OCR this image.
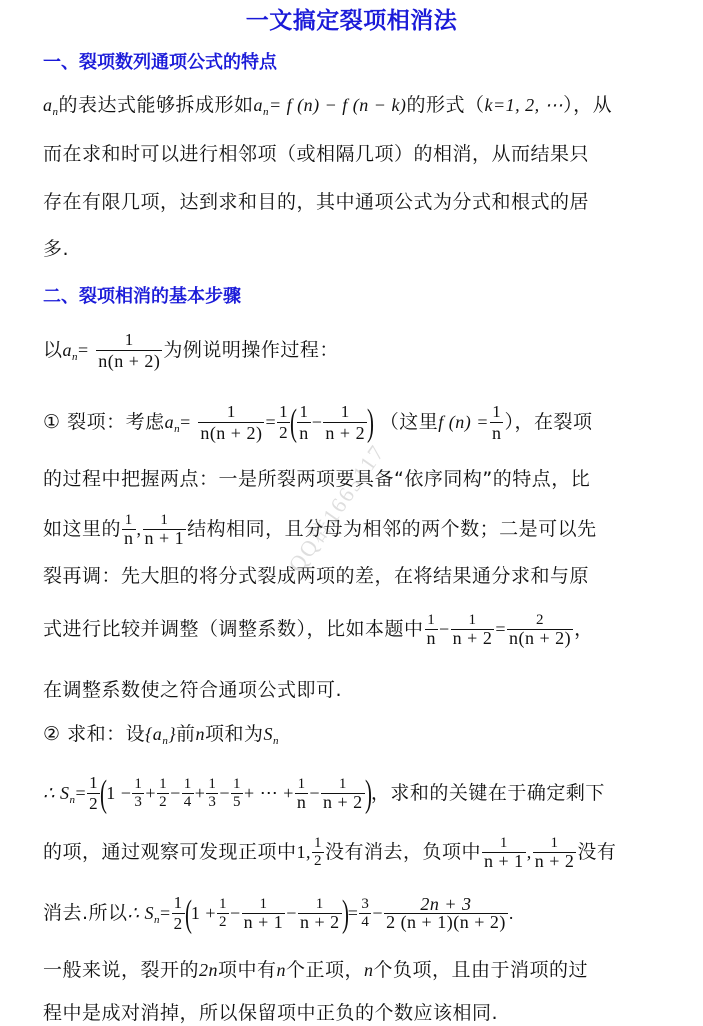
QQ群1665117
一文搞定裂项相消法
一、裂项数列通项公式的特点
$a_n$的表达式能够拆成形如$a_n= f$ (n) − f (n − k)的形式（k=1, 2, ⋯），从
而在求和时可以进行相邻项（或相隔几项）的相消，从而结果只
存在有限几项，达到求和目的，其中通项公式为分式和根式的居
多.
二、裂项相消的基本步骤
以$a_n= \frac{1}{n(n + 2)}$ 为例说明操作过程：
① 裂项：考虑$a_n= \frac{1}{n(n + 2)} = \frac{1}{2}$ ( $\frac{1}{n} - \frac{1}{n + 2}$ ) （这里f $(n) = \frac{1}{n}$ ），在裂项
的过程中把握两点：一是所裂两项要具备“依序同构”的特点，比
如这里的 $\frac{1}{n}$ , $\frac{1}{n + 1}$ 结构相同，且分母为相邻的两个数；二是可以先
裂再调：先大胆的将分式裂成两项的差，在将结果通分求和与原
式进行比较并调整（调整系数），比如本题中 $\frac{1}{n} - \frac{1}{n + 2} = \frac{2}{n(n + 2)}$ ，
在调整系数使之符合通项公式即可.
② 求和：设$\{a_n\}$前n项和为$S_n$
∴ $S_n= \frac{1}{2} (1 - \frac{1}{3} + \frac{1}{2} - \frac{1}{4} + \frac{1}{3} - \frac{1}{5}$ + ⋯ + $\frac{1}{n} - \frac{1}{n + 2}$ )，求和的关键在于确定剩下
的项，通过观察可发现正项中1, $\frac{1}{2}$ 没有消去，负项中 $\frac{1}{n + 1}$ , $\frac{1}{n + 2}$ 没有
消去.所以∴ $S_n= \frac{1}{2} (1 + \frac{1}{2} - \frac{1}{n + 1} - \frac{1}{n + 2}$ )= $\frac{3}{4} - \frac{2n + 3}{2 (n + 1)(n + 2)}$ .
一般来说，裂开的2n项中有n个正项，n个负项，且由于消项的过
程中是成对消掉，所以保留项中正负的个数应该相同.
